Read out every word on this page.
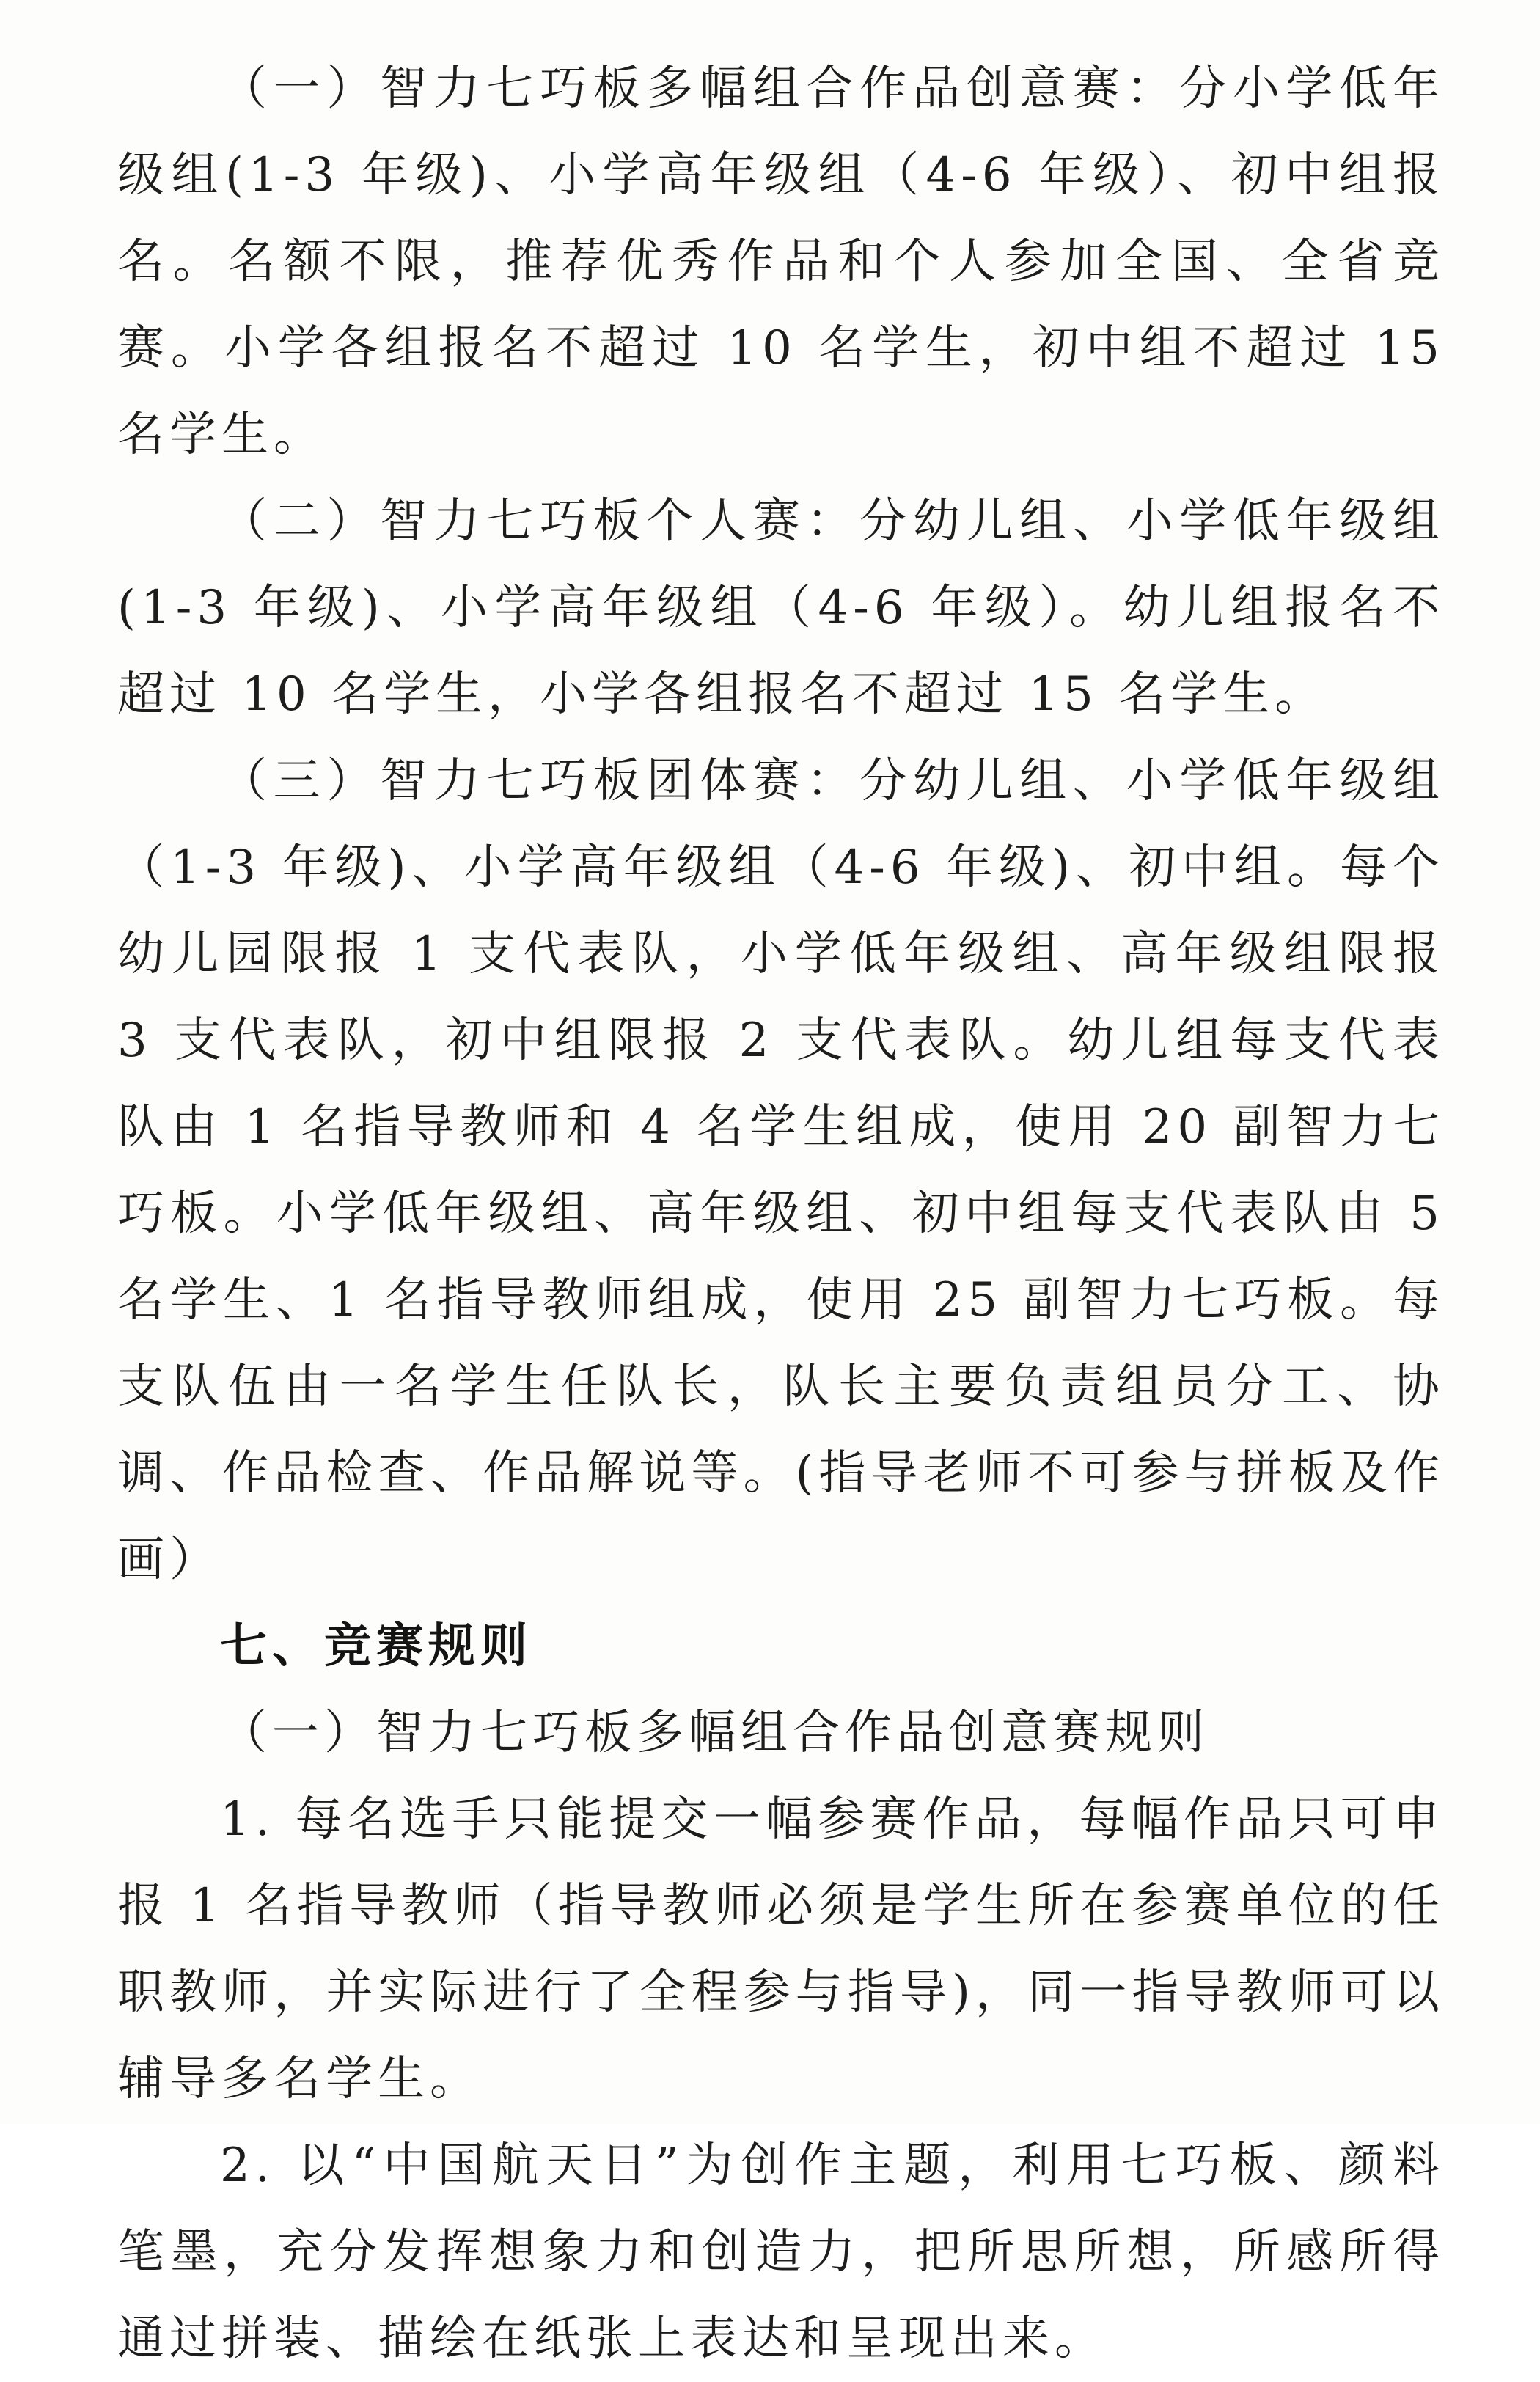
（一）智力七巧板多幅组合作品创意赛：分小学低年级组(1-3 年级)、小学高年级组（4-6 年级）、初中组报名。名额不限，推荐优秀作品和个人参加全国、全省竞赛。小学各组报名不超过 10 名学生，初中组不超过 15 名学生。

（二）智力七巧板个人赛：分幼儿组、小学低年级组(1-3 年级)、小学高年级组（4-6 年级）。幼儿组报名不超过 10 名学生，小学各组报名不超过 15 名学生。

（三）智力七巧板团体赛：分幼儿组、小学低年级组（1-3 年级)、小学高年级组（4-6 年级)、初中组。每个幼儿园限报 1 支代表队，小学低年级组、高年级组限报 3 支代表队，初中组限报 2 支代表队。幼儿组每支代表队由 1 名指导教师和 4 名学生组成，使用 20 副智力七巧板。小学低年级组、高年级组、初中组每支代表队由 5 名学生、1 名指导教师组成，使用 25 副智力七巧板。每支队伍由一名学生任队长，队长主要负责组员分工、协调、作品检查、作品解说等。(指导老师不可参与拼板及作画）

七、竞赛规则

（一）智力七巧板多幅组合作品创意赛规则

1. 每名选手只能提交一幅参赛作品，每幅作品只可申报 1 名指导教师（指导教师必须是学生所在参赛单位的任职教师，并实际进行了全程参与指导)，同一指导教师可以辅导多名学生。

2. 以“中国航天日”为创作主题，利用七巧板、颜料笔墨，充分发挥想象力和创造力，把所思所想，所感所得通过拼装、描绘在纸张上表达和呈现出来。
